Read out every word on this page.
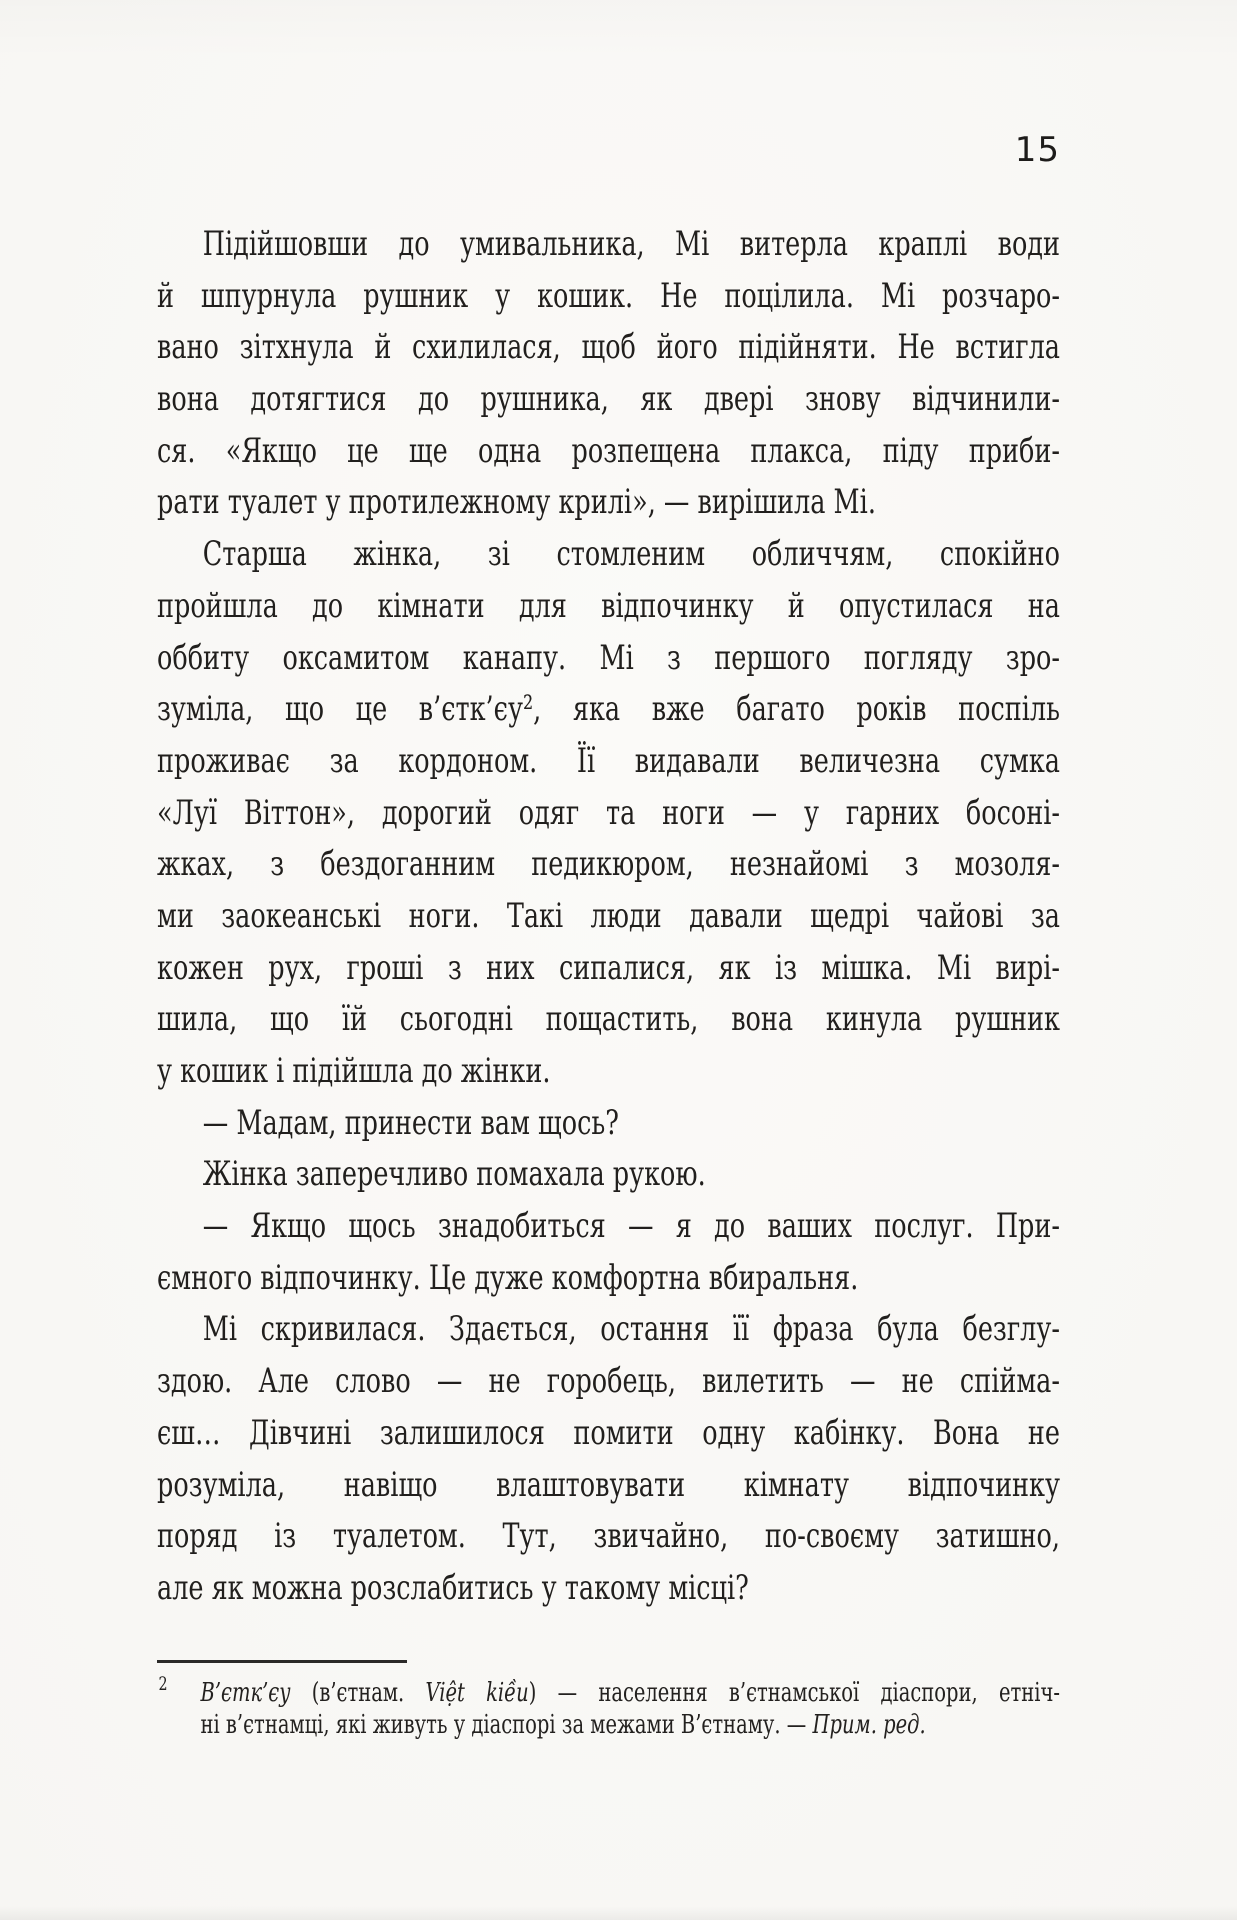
15
Підійшовши до умивальника, Мі витерла краплі води
й шпурнула рушник у кошик. Не поцілила. Мі розчаро-
вано зітхнула й схилилася, щоб його підійняти. Не встигла
вона дотягтися до рушника, як двері знову відчинили-
ся. «Якщо це ще одна розпещена плакса, піду приби-
рати туалет у протилежному крилі», — вирішила Мі.
Старша жінка, зі стомленим обличчям, спокійно
пройшла до кімнати для відпочинку й опустилася на
оббиту оксамитом канапу. Мі з першого погляду зро-
зуміла, що це в’єтк’єу², яка вже багато років поспіль
проживає за кордоном. Її видавали величезна сумка
«Луї Віттон», дорогий одяг та ноги — у гарних босоні-
жках, з бездоганним педикюром, незнайомі з мозоля-
ми заокеанські ноги. Такі люди давали щедрі чайові за
кожен рух, гроші з них сипалися, як із мішка. Мі вирі-
шила, що їй сьогодні пощастить, вона кинула рушник
у кошик і підійшла до жінки.
— Мадам, принести вам щось?
Жінка заперечливо помахала рукою.
— Якщо щось знадобиться — я до ваших послуг. При-
ємного відпочинку. Це дуже комфортна вбиральня.
Мі скривилася. Здається, остання її фраза була безглу-
здою. Але слово — не горобець, вилетить — не спійма-
єш… Дівчині залишилося помити одну кабінку. Вона не
розуміла, навіщо влаштовувати кімнату відпочинку
поряд із туалетом. Тут, звичайно, по-своєму затишно,
але як можна розслабитись у такому місці?
2 В’єтк’єу (в’єтнам. Việt kiều) — населення в’єтнамської діаспори, етніч-
ні в’єтнамці, які живуть у діаспорі за межами В’єтнаму. — Прим. ред.
